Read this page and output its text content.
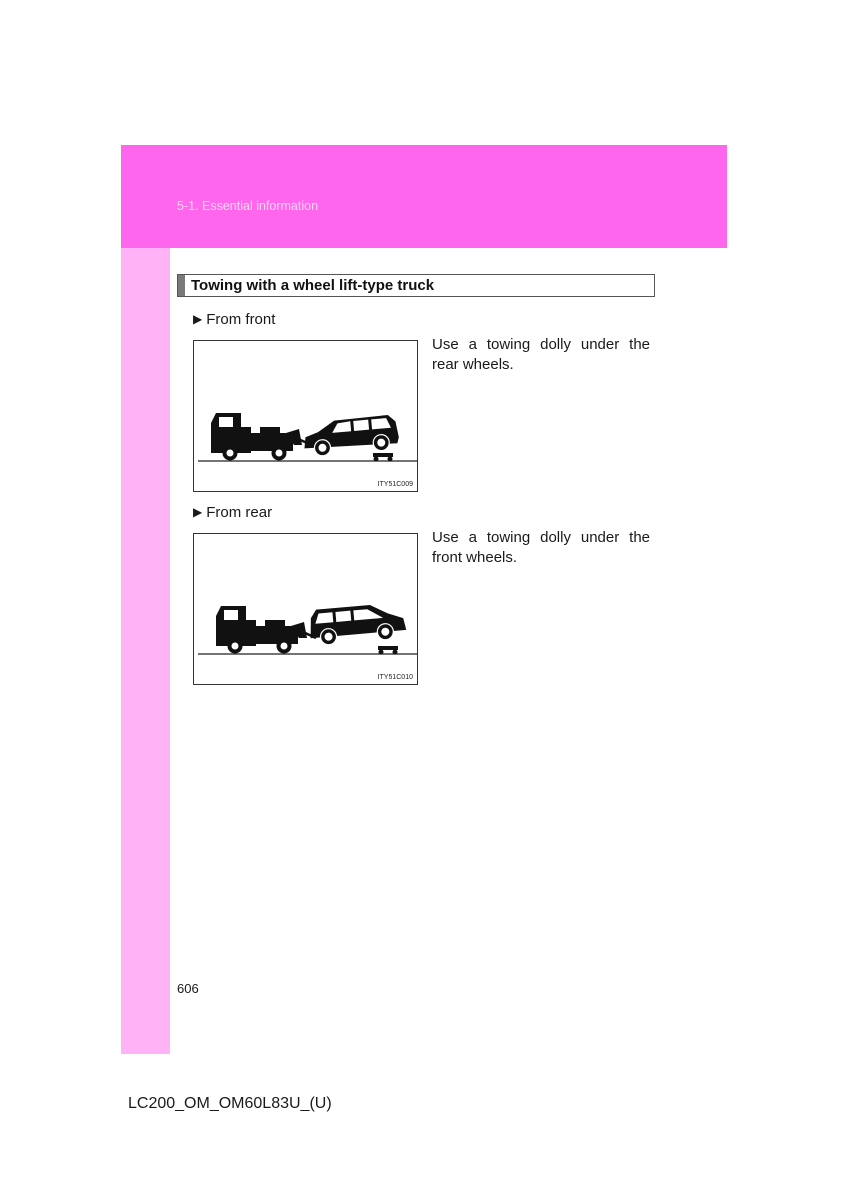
5-1. Essential information
Towing with a wheel lift-type truck
▶ From front
Use a towing dolly under the rear wheels.
ITY51C009
▶ From rear
Use a towing dolly under the front wheels.
ITY51C010
606
LC200_OM_OM60L83U_(U)
